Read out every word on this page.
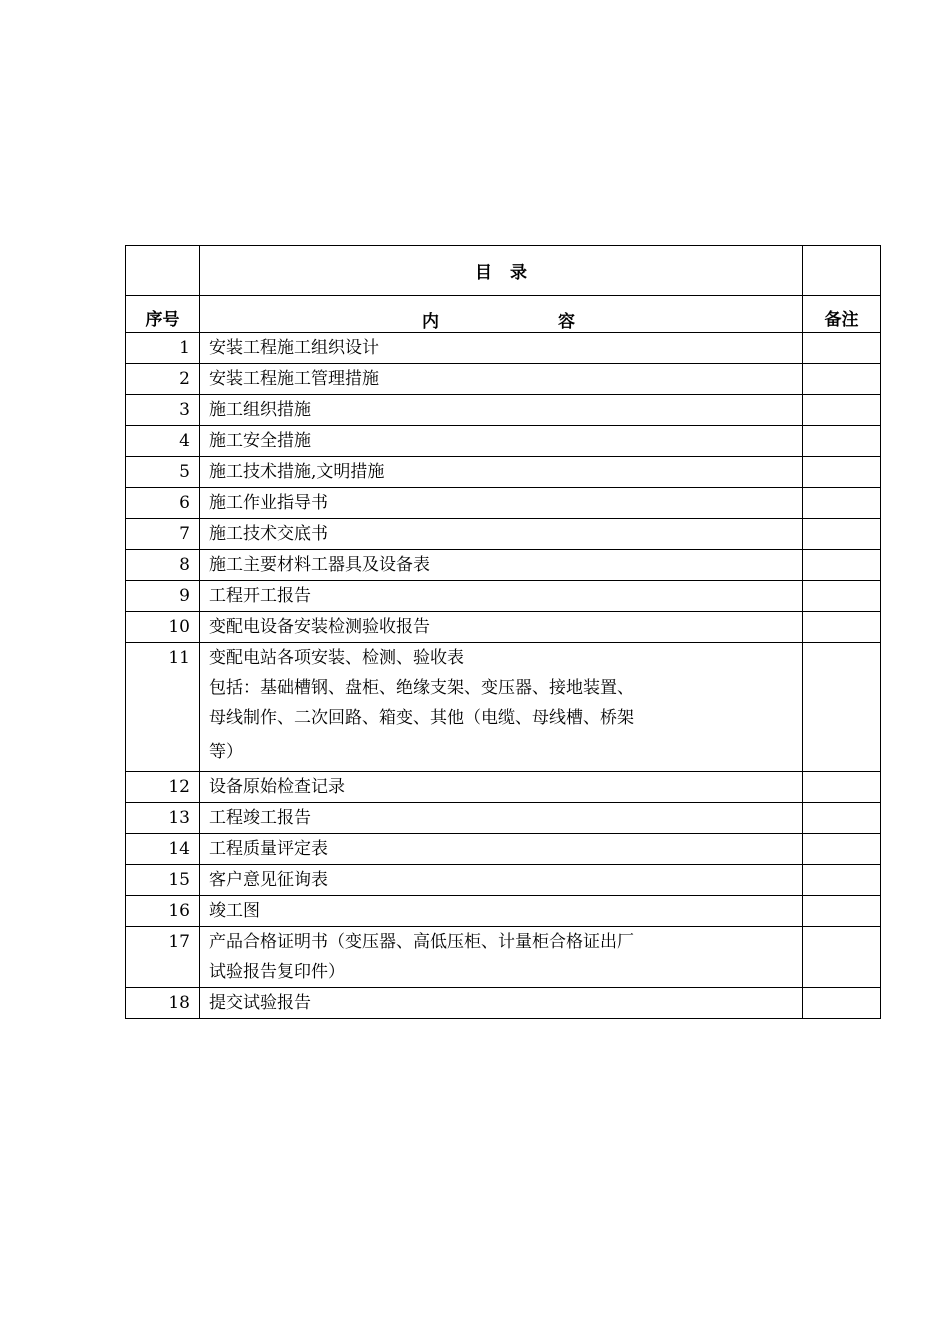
	目 录	
序号	内 容	备注
1	安装工程施工组织设计	

2	安装工程施工管理措施	

3	施工组织措施	

4	施工安全措施	

5	施工技术措施,文明措施	

6	施工作业指导书	

7	施工技术交底书	

8	施工主要材料工器具及设备表	

9	工程开工报告	

10	变配电设备安装检测验收报告	

11	变配电站各项安装、检测、验收表
包括：基础槽钢、盘柜、绝缘支架、变压器、接地装置、
母线制作、二次回路、箱变、其他（电缆、母线槽、桥架
等）	

12	设备原始检查记录	

13	工程竣工报告	

14	工程质量评定表	

15	客户意见征询表	

16	竣工图	

17	产品合格证明书（变压器、高低压柜、计量柜合格证出厂
试验报告复印件）	

18	提交试验报告	
